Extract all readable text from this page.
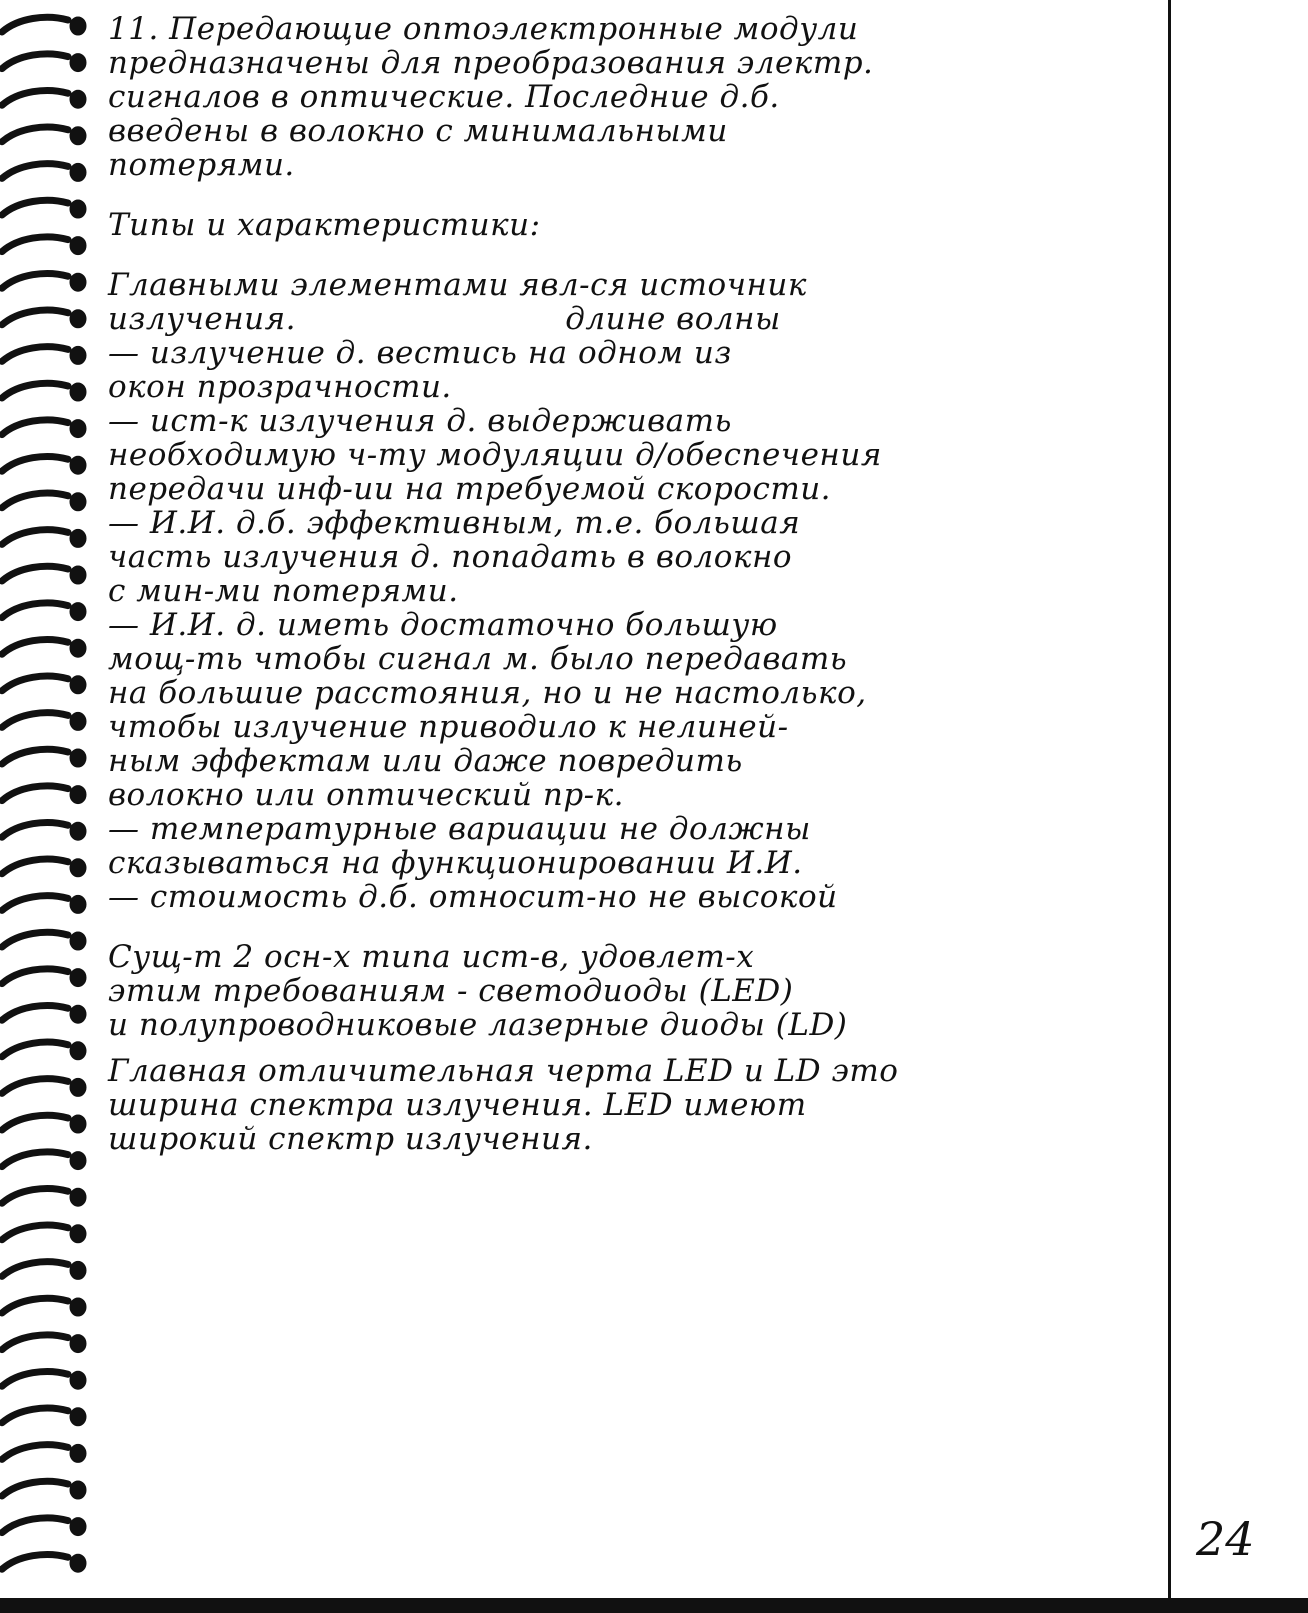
11. Передающие оптоэлектронные модули
предназначены для преобразования электр.
сигналов в оптические. Последние д.б.
введены в волокно с минимальными
потерями.
Типы и характеристики:
Главными элементами явл-ся источник
излучения.                          длине волны
— излучение д. вестись на одном из
окон прозрачности.
— ист-к излучения д. выдерживать
необходимую ч-ту модуляции д/обеспечения
передачи инф-ии на требуемой скорости.
— И.И. д.б. эффективным, т.е. большая
часть излучения д. попадать в волокно
с мин-ми потерями.
— И.И. д. иметь достаточно большую
мощ-ть чтобы сигнал м. было передавать
на большие расстояния, но и не настолько,
чтобы излучение приводило к нелиней-
ным эффектам или даже повредить
волокно или оптический пр-к.
— температурные вариации не должны
сказываться на функционировании И.И.
— стоимость д.б. относит-но не высокой
Сущ-т 2 осн-х типа ист-в, удовлет-х
этим требованиям - светодиоды (LED)
и полупроводниковые лазерные диоды (LD)
Главная отличительная черта LED и LD это
ширина спектра излучения. LED имеют
широкий спектр излучения.
24
